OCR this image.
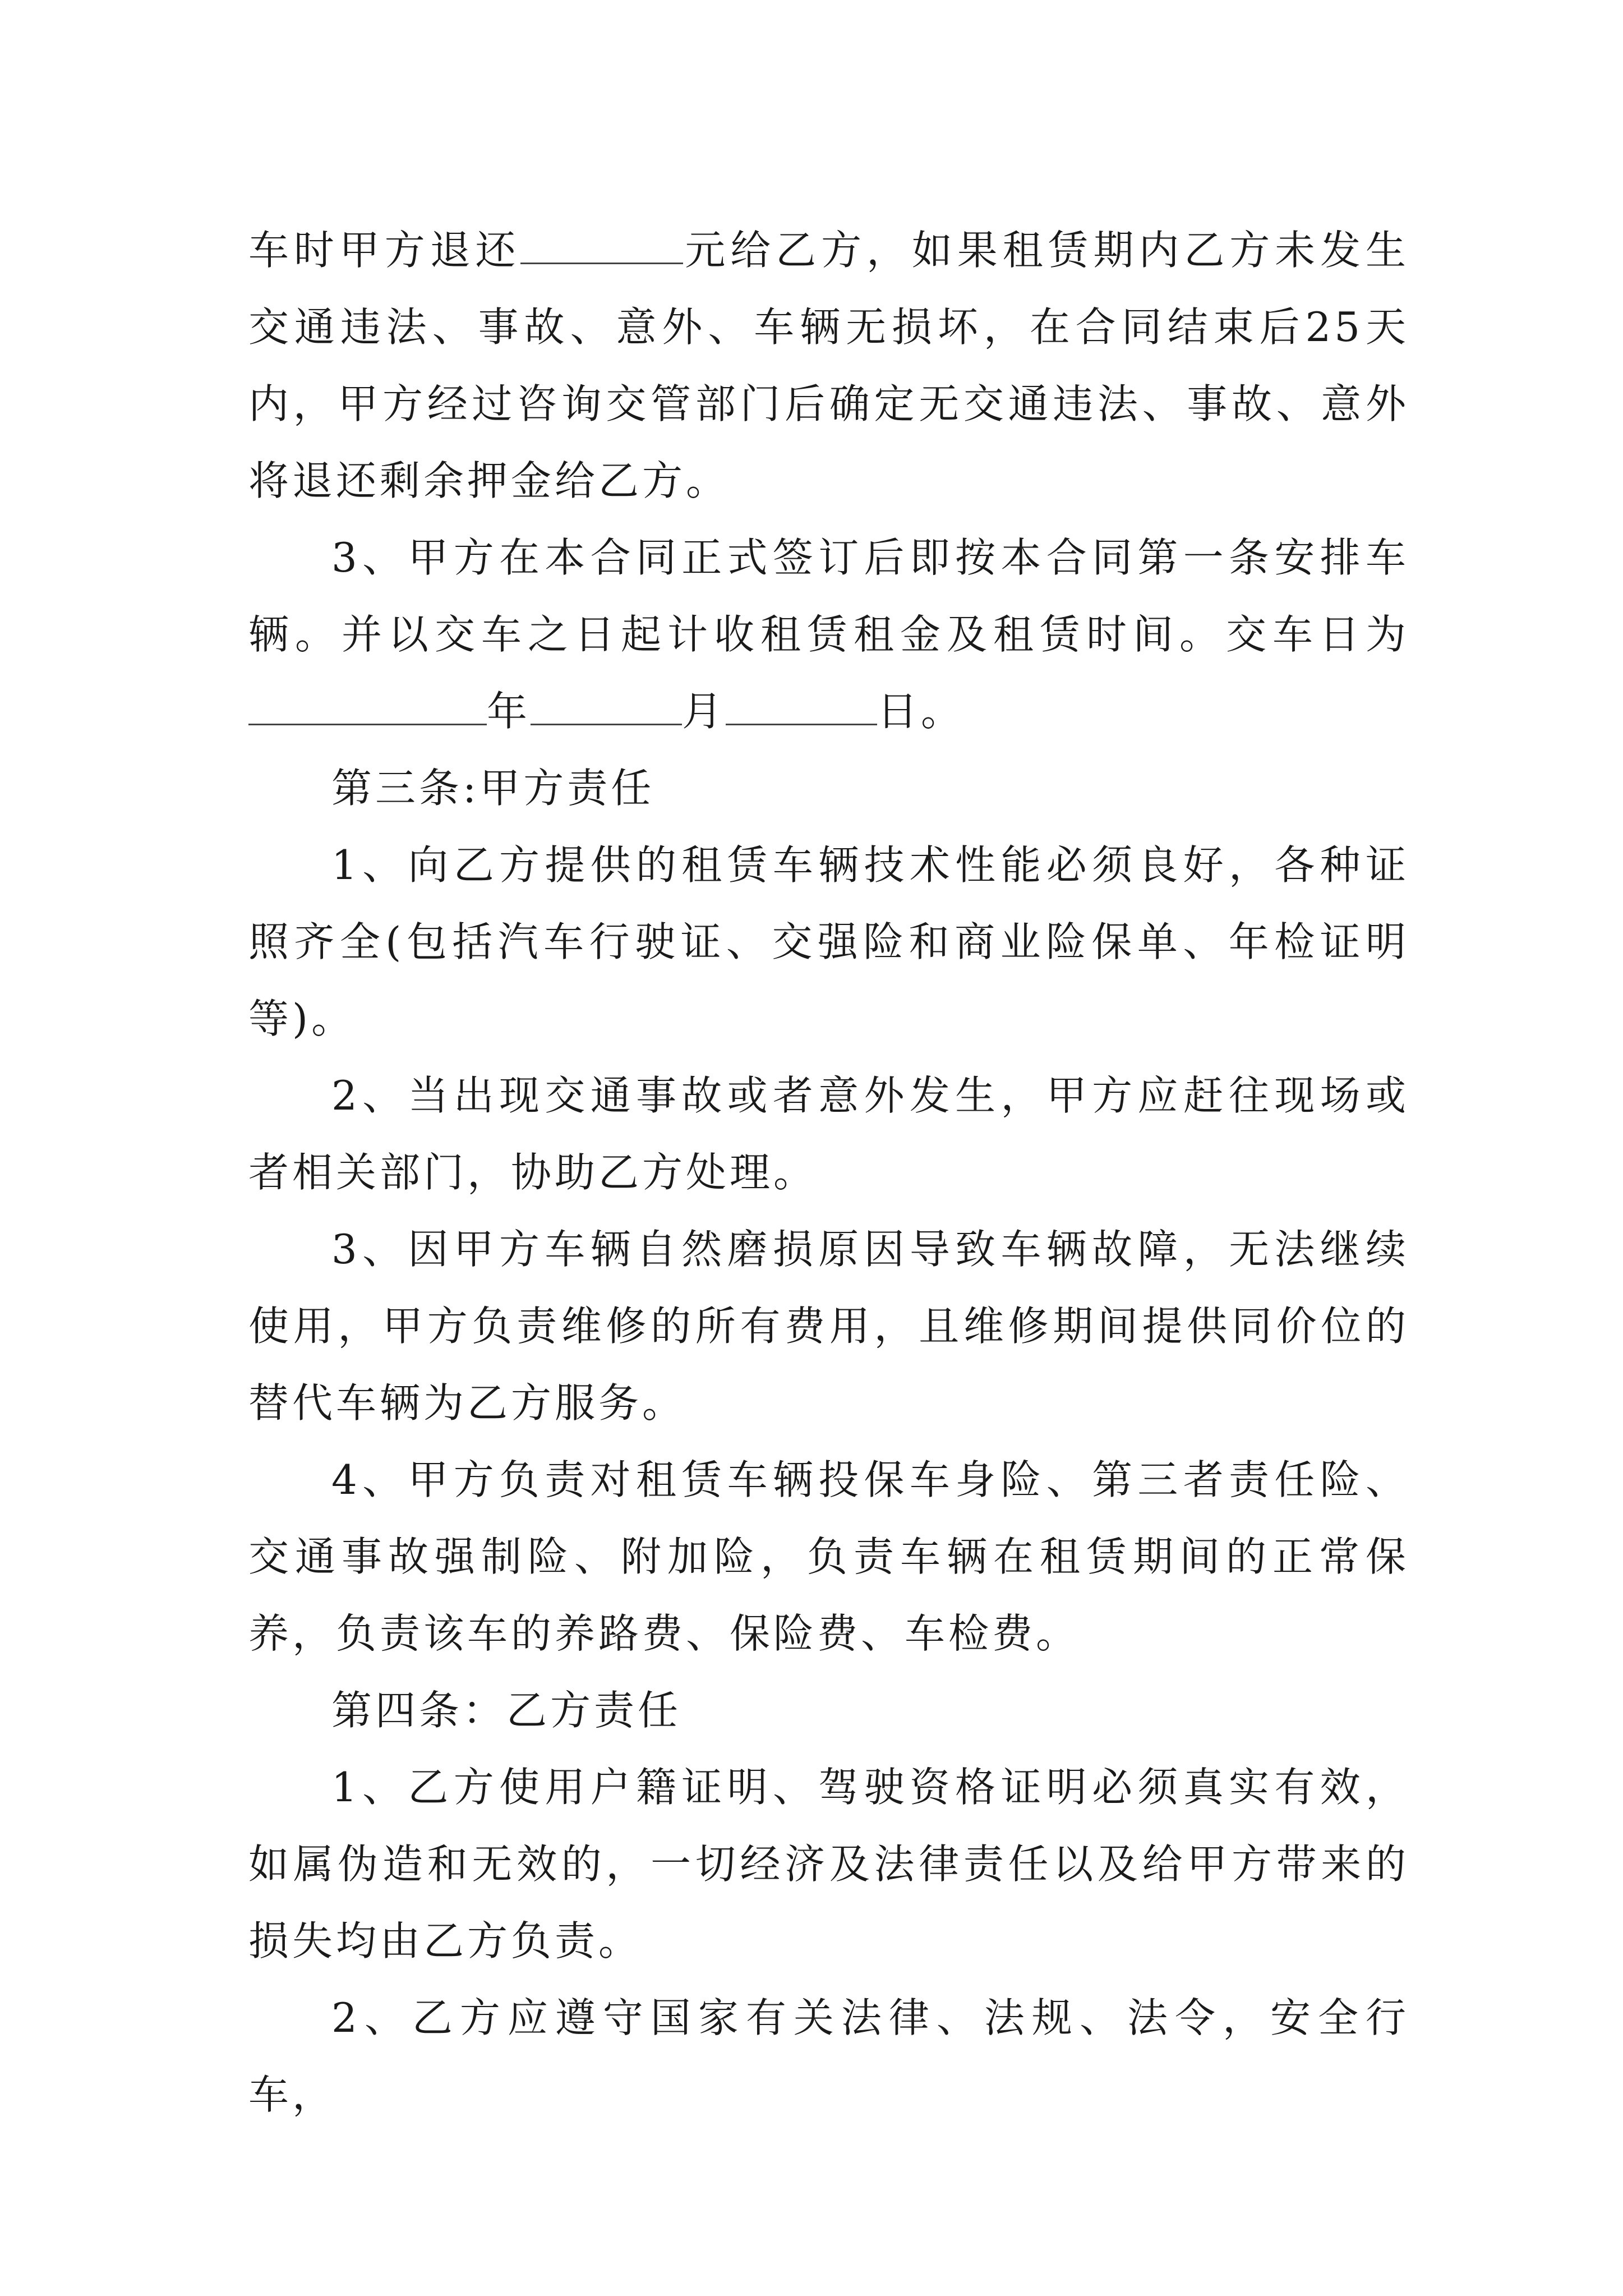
车时甲方退还	元给乙方，如果租赁期内乙方未发生交通违法、事故、意外、车辆无损坏，在合同结束后25天内，甲方经过咨询交管部门后确定无交通违法、事故、意外将退还剩余押金给乙方。

3、甲方在本合同正式签订后即按本合同第一条安排车辆。并以交车之日起计收租赁租金及租赁时间。交车日为年	月	日。

第三条:甲方责任

1、向乙方提供的租赁车辆技术性能必须良好，各种证照齐全(包括汽车行驶证、交强险和商业险保单、年检证明等)。

2、当出现交通事故或者意外发生，甲方应赶往现场或者相关部门，协助乙方处理。

3、因甲方车辆自然磨损原因导致车辆故障，无法继续使用，甲方负责维修的所有费用，且维修期间提供同价位的替代车辆为乙方服务。

4、甲方负责对租赁车辆投保车身险、第三者责任险、交通事故强制险、附加险，负责车辆在租赁期间的正常保养，负责该车的养路费、保险费、车检费。

第四条：乙方责任

1、乙方使用户籍证明、驾驶资格证明必须真实有效，如属伪造和无效的，一切经济及法律责任以及给甲方带来的损失均由乙方负责。

2、乙方应遵守国家有关法律、法规、法令，安全行车，
